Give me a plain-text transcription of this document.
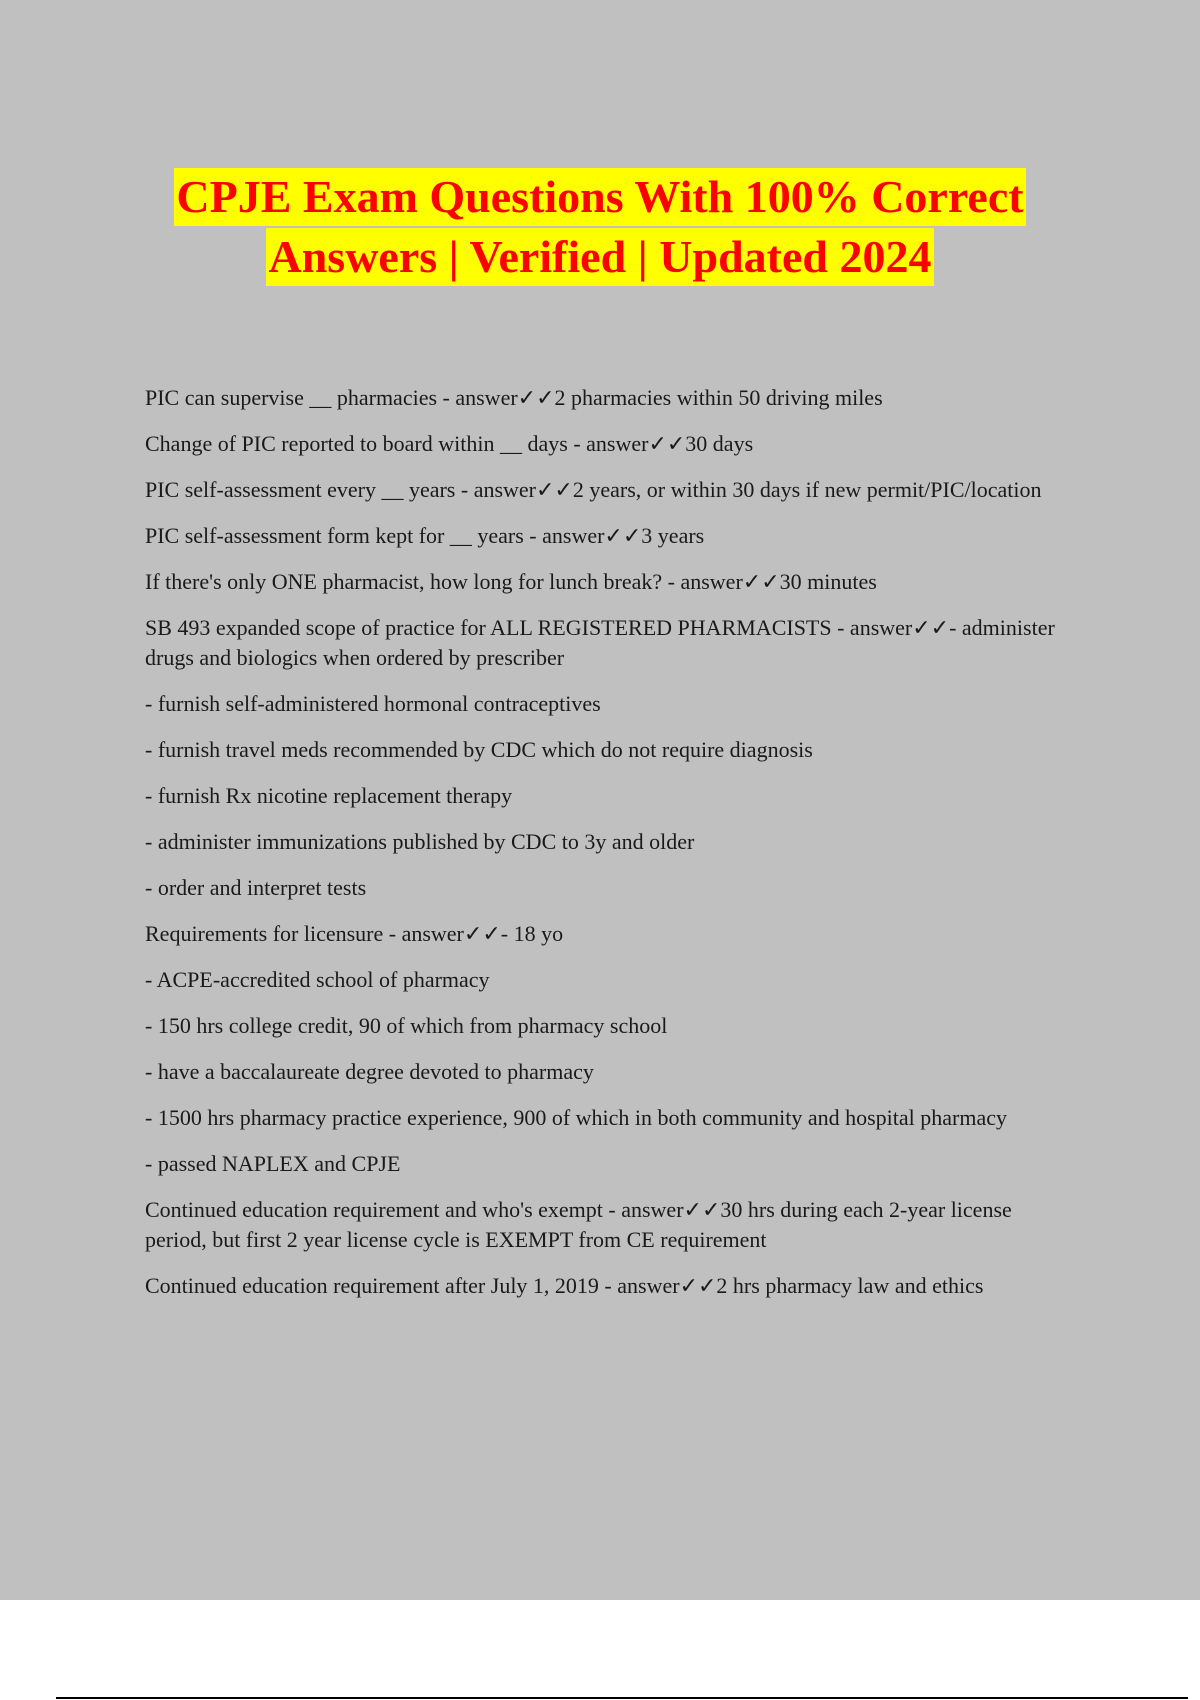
CPJE Exam Questions With 100% Correct
Answers | Verified | Updated 2024

PIC can supervise __ pharmacies - answer✓✓2 pharmacies within 50 driving miles

Change of PIC reported to board within __ days - answer✓✓30 days

PIC self-assessment every __ years - answer✓✓2 years, or within 30 days if new permit/PIC/location

PIC self-assessment form kept for __ years - answer✓✓3 years

If there's only ONE pharmacist, how long for lunch break? - answer✓✓30 minutes

SB 493 expanded scope of practice for ALL REGISTERED PHARMACISTS - answer✓✓- administer drugs and biologics when ordered by prescriber

- furnish self-administered hormonal contraceptives

- furnish travel meds recommended by CDC which do not require diagnosis

- furnish Rx nicotine replacement therapy

- administer immunizations published by CDC to 3y and older

- order and interpret tests

Requirements for licensure - answer✓✓- 18 yo

- ACPE-accredited school of pharmacy

- 150 hrs college credit, 90 of which from pharmacy school

- have a baccalaureate degree devoted to pharmacy

- 1500 hrs pharmacy practice experience, 900 of which in both community and hospital pharmacy

- passed NAPLEX and CPJE

Continued education requirement and who's exempt - answer✓✓30 hrs during each 2-year license period, but first 2 year license cycle is EXEMPT from CE requirement

Continued education requirement after July 1, 2019 - answer✓✓2 hrs pharmacy law and ethics
